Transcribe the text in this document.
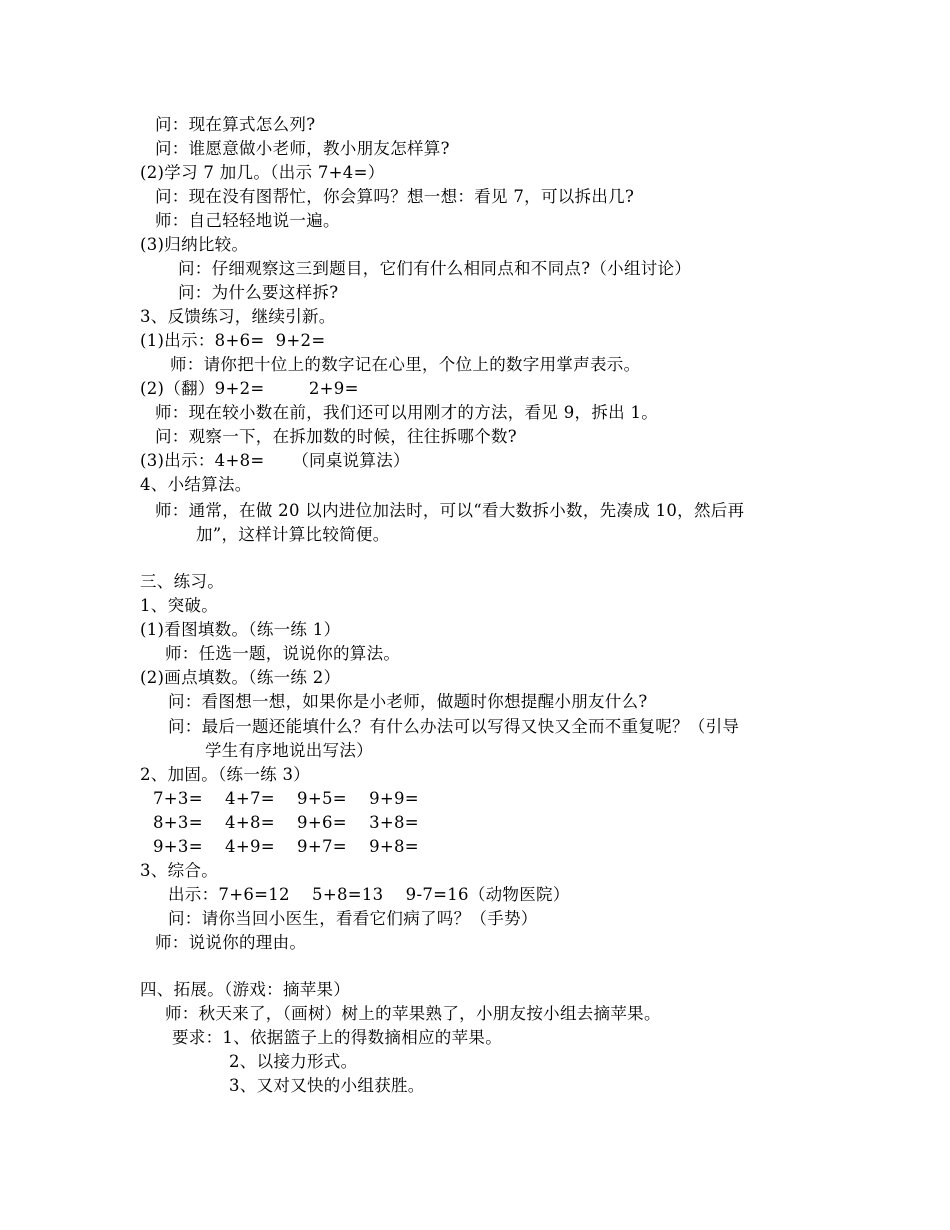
问：现在算式怎么列?
问：谁愿意做小老师，教小朋友怎样算?
(2)学习 7 加几。（出示 7+4=）
问：现在没有图帮忙，你会算吗？想一想：看见 7，可以拆出几?
师：自己轻轻地说一遍。
(3)归纳比较。
问：仔细观察这三到题目，它们有什么相同点和不同点?（小组讨论）
问：为什么要这样拆?
3、反馈练习，继续引新。
(1)出示：8+6=  9+2=
师：请你把十位上的数字记在心里，个位上的数字用掌声表示。
(2)（翻）9+2=        2+9=
师：现在较小数在前，我们还可以用刚才的方法，看见 9，拆出 1。
问：观察一下，在拆加数的时候，往往拆哪个数?
(3)出示：4+8=     （同桌说算法）
4、小结算法。
师：通常，在做 20 以内进位加法时，可以“看大数拆小数，先凑成 10，然后再
加”，这样计算比较简便。
三、练习。
1、突破。
(1)看图填数。（练一练 1）
师：任选一题，说说你的算法。
(2)画点填数。（练一练 2）
问：看图想一想，如果你是小老师，做题时你想提醒小朋友什么?
问：最后一题还能填什么？有什么办法可以写得又快又全而不重复呢？（引导
学生有序地说出写法）
2、加固。（练一练 3）
7+3=    4+7=    9+5=    9+9=
8+3=    4+8=    9+6=    3+8=
9+3=    4+9=    9+7=    9+8=
3、综合。
出示：7+6=12    5+8=13    9-7=16（动物医院）
问：请你当回小医生，看看它们病了吗？（手势）
师：说说你的理由。
四、拓展。（游戏：摘苹果）
师：秋天来了，（画树）树上的苹果熟了，小朋友按小组去摘苹果。
要求：1、依据篮子上的得数摘相应的苹果。
2、以接力形式。
3、又对又快的小组获胜。
